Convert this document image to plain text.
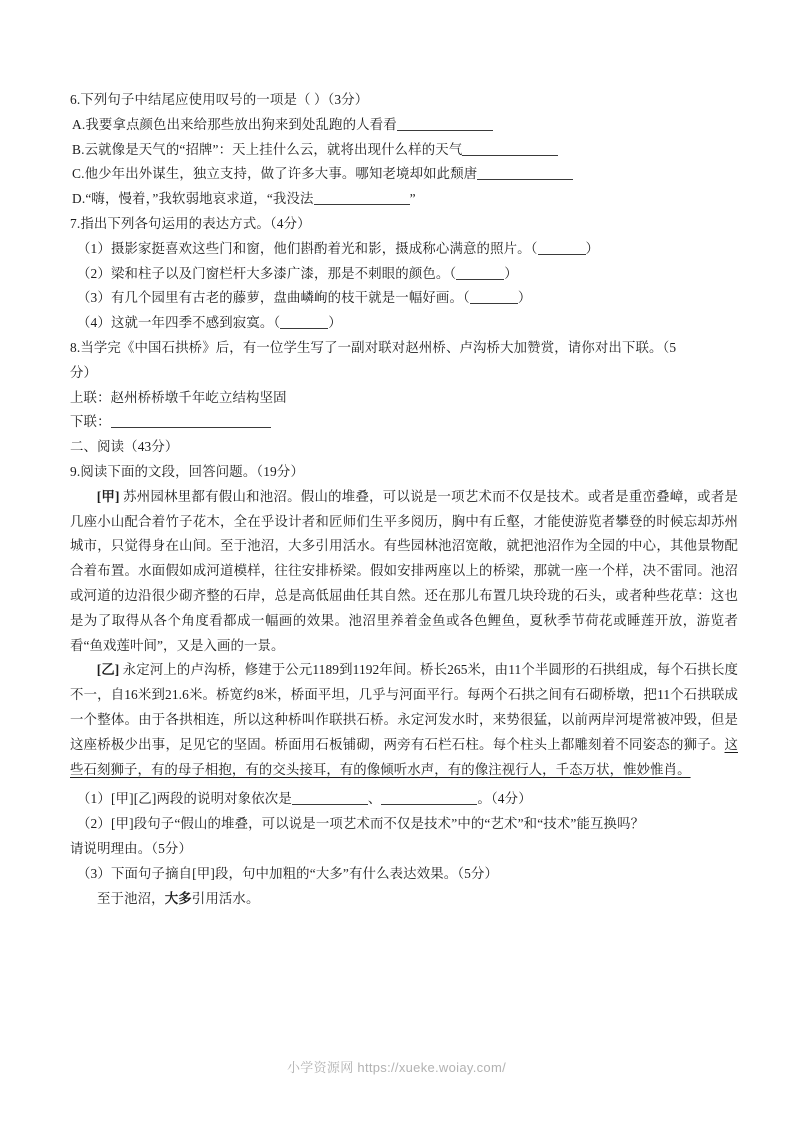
6.下列句子中结尾应使用叹号的一项是（ ）（3分）
A.我要拿点颜色出来给那些放出狗来到处乱跑的人看看
B.云就像是天气的“招牌”：天上挂什么云，就将出现什么样的天气
C.他少年出外谋生，独立支持，做了许多大事。哪知老境却如此颓唐
D.“嗨，慢着，”我软弱地哀求道，“我没法	”
7.指出下列各句运用的表达方式。（4分）
（1）摄影家挺喜欢这些门和窗，他们斟酌着光和影，摄成称心满意的照片。（	）
（2）梁和柱子以及门窗栏杆大多漆广漆，那是不刺眼的颜色。（	）
（3）有几个园里有古老的藤萝，盘曲嶙峋的枝干就是一幅好画。（	）
（4）这就一年四季不感到寂寞。（	）
8.当学完《中国石拱桥》后，有一位学生写了一副对联对赵州桥、卢沟桥大加赞赏，请你对出下联。（5
分）
上联：赵州桥桥墩千年屹立结构坚固
下联：
二、阅读（43分）
9.阅读下面的文段，回答问题。（19分）

[甲] 苏州园林里都有假山和池沼。假山的堆叠，可以说是一项艺术而不仅是技术。或者是重峦叠嶂，或者是几座小山配合着竹子花木，全在乎设计者和匠师们生平多阅历，胸中有丘壑，才能使游览者攀登的时候忘却苏州城市，只觉得身在山间。至于池沼，大多引用活水。有些园林池沼宽敞，就把池沼作为全园的中心，其他景物配合着布置。水面假如成河道模样，往往安排桥梁。假如安排两座以上的桥梁，那就一座一个样，决不雷同。池沼或河道的边沿很少砌齐整的石岸，总是高低屈曲任其自然。还在那儿布置几块玲珑的石头，或者种些花草：这也是为了取得从各个角度看都成一幅画的效果。池沼里养着金鱼或各色鲤鱼，夏秋季节荷花或睡莲开放，游览者看“鱼戏莲叶间”，又是入画的一景。

[乙] 永定河上的卢沟桥，修建于公元1189到1192年间。桥长265米，由11个半圆形的石拱组成，每个石拱长度不一，自16米到21.6米。桥宽约8米，桥面平坦，几乎与河面平行。每两个石拱之间有石砌桥墩，把11个石拱联成一个整体。由于各拱相连，所以这种桥叫作联拱石桥。永定河发水时，来势很猛，以前两岸河堤常被冲毁，但是这座桥极少出事，足见它的坚固。桥面用石板铺砌，两旁有石栏石柱。每个柱头上都雕刻着不同姿态的狮子。这些石刻狮子，有的母子相抱，有的交头接耳，有的像倾听水声，有的像注视行人，千态万状，惟妙惟肖。

（1）[甲][乙]两段的说明对象依次是	、	。（4分）
（2）[甲]段句子“假山的堆叠，可以说是一项艺术而不仅是技术”中的“艺术”和“技术”能互换吗？
请说明理由。（5分）
（3）下面句子摘自[甲]段，句中加粗的“大多”有什么表达效果。（5分）
至于池沼，大多引用活水。
小学资源网 https://xueke.woiay.com/
